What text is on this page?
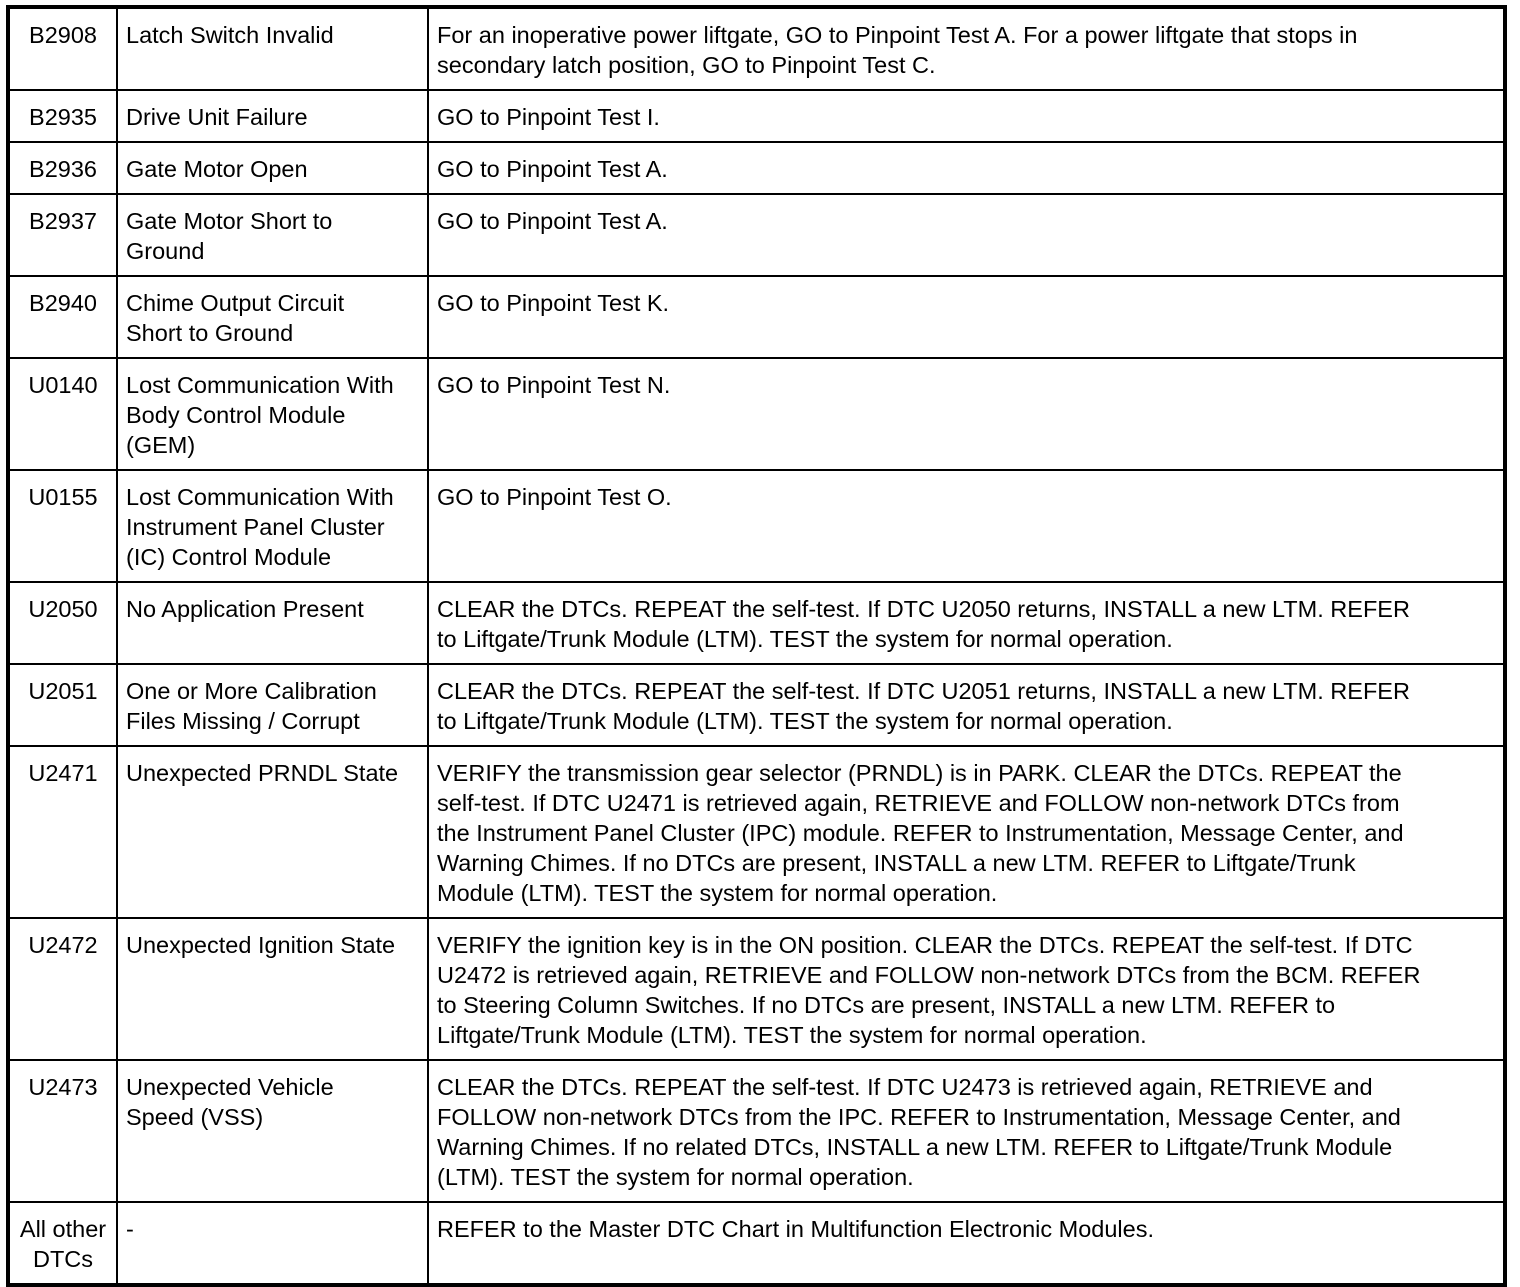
B2908	Latch Switch Invalid	For an inoperative power liftgate, GO to Pinpoint Test A. For a power liftgate that stops in
secondary latch position, GO to Pinpoint Test C.
B2935	Drive Unit Failure	GO to Pinpoint Test I.
B2936	Gate Motor Open	GO to Pinpoint Test A.
B2937	Gate Motor Short to
Ground	GO to Pinpoint Test A.
B2940	Chime Output Circuit
Short to Ground	GO to Pinpoint Test K.
U0140	Lost Communication With
Body Control Module
(GEM)	GO to Pinpoint Test N.
U0155	Lost Communication With
Instrument Panel Cluster
(IC) Control Module	GO to Pinpoint Test O.
U2050	No Application Present	CLEAR the DTCs. REPEAT the self-test. If DTC U2050 returns, INSTALL a new LTM. REFER
to Liftgate/Trunk Module (LTM). TEST the system for normal operation.
U2051	One or More Calibration
Files Missing / Corrupt	CLEAR the DTCs. REPEAT the self-test. If DTC U2051 returns, INSTALL a new LTM. REFER
to Liftgate/Trunk Module (LTM). TEST the system for normal operation.
U2471	Unexpected PRNDL State	VERIFY the transmission gear selector (PRNDL) is in PARK. CLEAR the DTCs. REPEAT the
self-test. If DTC U2471 is retrieved again, RETRIEVE and FOLLOW non-network DTCs from
the Instrument Panel Cluster (IPC) module. REFER to Instrumentation, Message Center, and
Warning Chimes. If no DTCs are present, INSTALL a new LTM. REFER to Liftgate/Trunk
Module (LTM). TEST the system for normal operation.
U2472	Unexpected Ignition State	VERIFY the ignition key is in the ON position. CLEAR the DTCs. REPEAT the self-test. If DTC
U2472 is retrieved again, RETRIEVE and FOLLOW non-network DTCs from the BCM. REFER
to Steering Column Switches. If no DTCs are present, INSTALL a new LTM. REFER to
Liftgate/Trunk Module (LTM). TEST the system for normal operation.
U2473	Unexpected Vehicle
Speed (VSS)	CLEAR the DTCs. REPEAT the self-test. If DTC U2473 is retrieved again, RETRIEVE and
FOLLOW non-network DTCs from the IPC. REFER to Instrumentation, Message Center, and
Warning Chimes. If no related DTCs, INSTALL a new LTM. REFER to Liftgate/Trunk Module
(LTM). TEST the system for normal operation.
All other
DTCs	-	REFER to the Master DTC Chart in Multifunction Electronic Modules.
